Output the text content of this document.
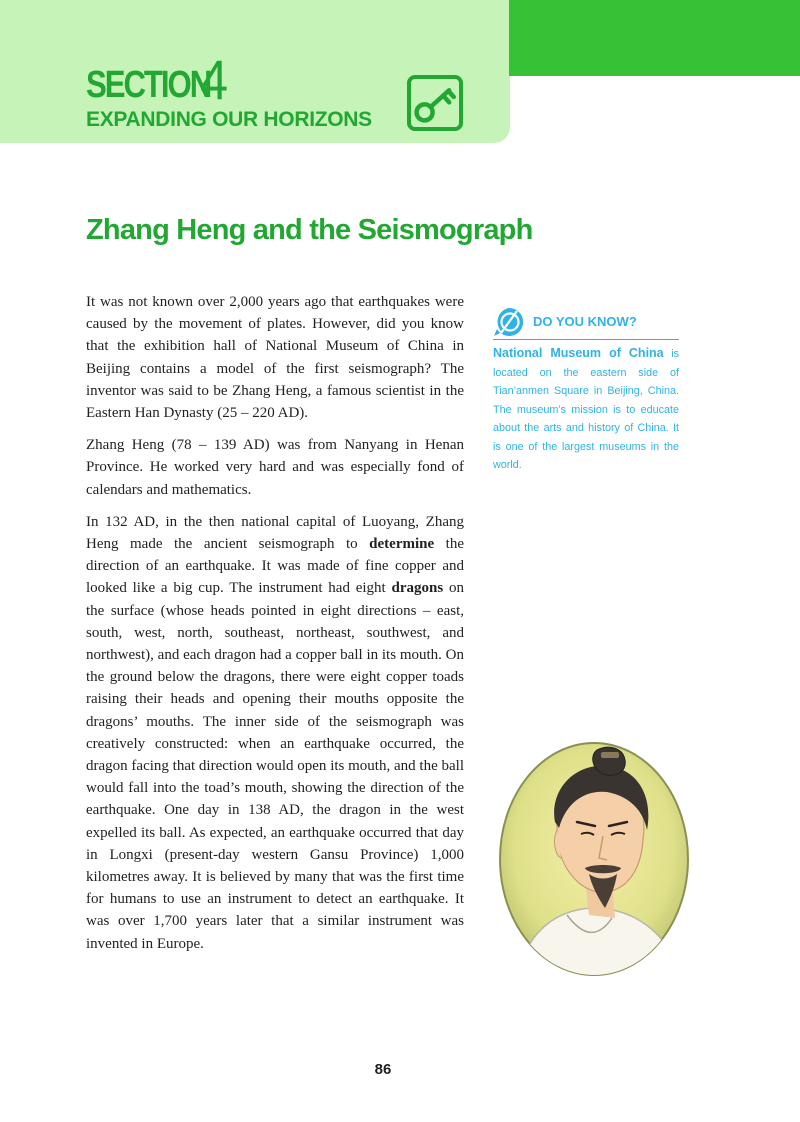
SECTION
4
EXPANDING OUR HORIZONS
Zhang Heng and the Seismograph

It was not known over 2,000 years ago that earthquakes were caused by the movement of plates. However, did you know that the exhibition hall of National Museum of China in Beijing contains a model of the first seismograph? The inventor was said to be Zhang Heng, a famous scientist in the Eastern Han Dynasty (25 – 220 AD).

Zhang Heng (78 – 139 AD) was from Nanyang in Henan Province. He worked very hard and was especially fond of calendars and mathematics.

In 132 AD, in the then national capital of Luoyang, Zhang Heng made the ancient seismograph to determine the direction of an earthquake. It was made of fine copper and looked like a big cup. The instrument had eight dragons on the surface (whose heads pointed in eight directions – east, south, west, north, southeast, northeast, southwest, and northwest), and each dragon had a copper ball in its mouth. On the ground below the dragons, there were eight copper toads raising their heads and opening their mouths opposite the dragons’ mouths. The inner side of the seismograph was creatively constructed: when an earthquake occurred, the dragon facing that direction would open its mouth, and the ball would fall into the toad’s mouth, showing the direction of the earthquake. One day in 138 AD, the dragon in the west expelled its ball. As expected, an earthquake occurred that day in Longxi (present-day western Gansu Province) 1,000 kilometres away. It is believed by many that was the first time for humans to use an instrument to detect an earthquake. It was over 1,700 years later that a similar instrument was invented in Europe.

DO YOU KNOW?
National Museum of China is located on the eastern side of Tian’anmen Square in Beijing, China. The museum’s mission is to educate about the arts and history of China. It is one of the largest museums in the world.
86
